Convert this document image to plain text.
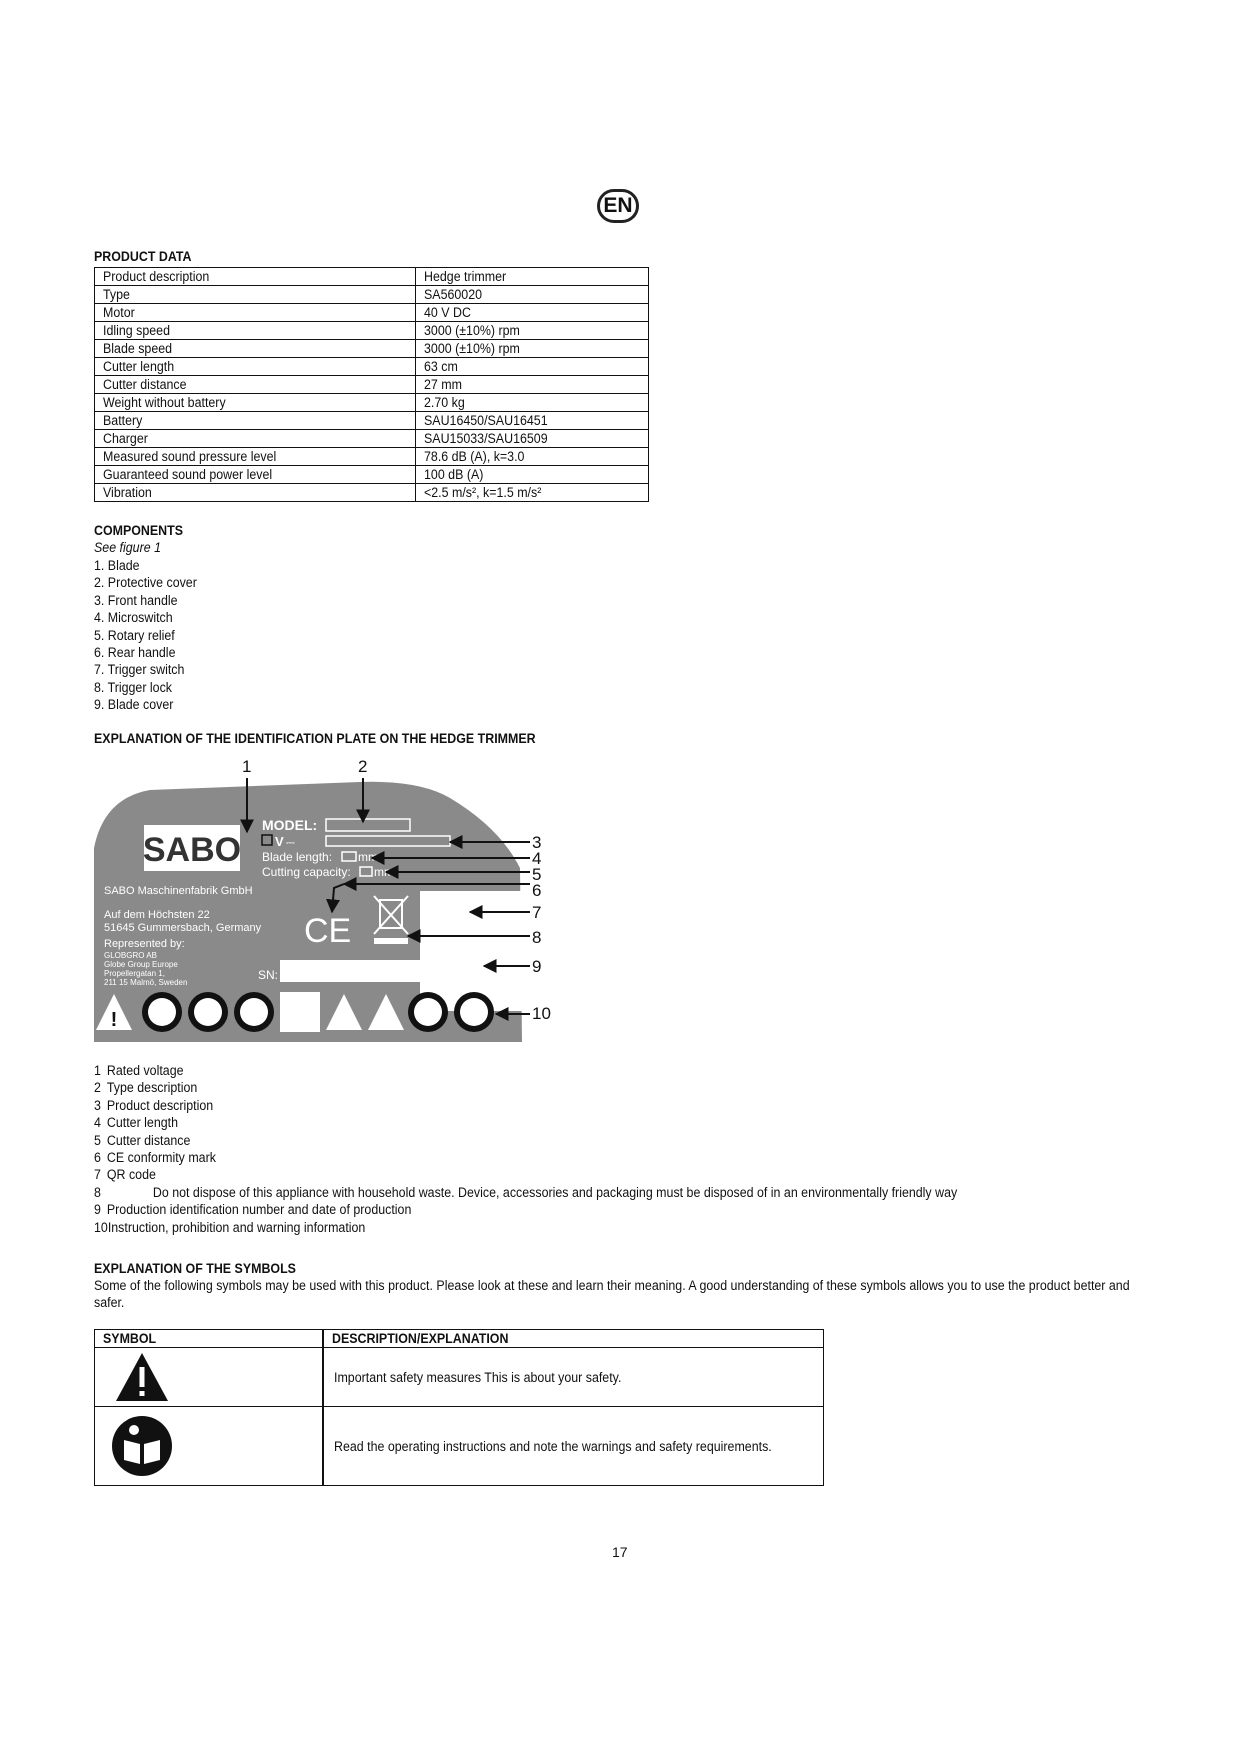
EN
PRODUCT DATA
Product description	Hedge trimmer
Type	SA560020
Motor	40 V DC
Idling speed	3000 (±10%) rpm
Blade speed	3000 (±10%) rpm
Cutter length	63 cm
Cutter distance	27 mm
Weight without battery	2.70 kg
Battery	SAU16450/SAU16451
Charger	SAU15033/SAU16509
Measured sound pressure level	78.6 dB (A), k=3.0
Guaranteed sound power level	100 dB (A)
Vibration	<2.5 m/s², k=1.5 m/s²
COMPONENTS
See figure 1
1. Blade
2. Protective cover
3. Front handle
4. Microswitch
5. Rotary relief
6. Rear handle
7. Trigger switch
8. Trigger lock
9. Blade cover
EXPLANATION OF THE IDENTIFICATION PLATE ON THE HEDGE TRIMMER
SABO
MODEL:
V ⎓
Blade length: mm
Cutting capacity: mm
SABO Maschinenfabrik GmbH
Auf dem Höchsten 22
51645 Gummersbach, Germany
Represented by:
GLOBGRO AB
Globe Group Europe
Propellergatan 1,
211 15 Malmö, Sweden
CE
SN:
!
1	2
3
4
5
6
7
8
9
10
1 Rated voltage
2 Type description
3 Product description
4 Cutter length
5 Cutter distance
6 CE conformity mark
7 QR code
8	Do not dispose of this appliance with household waste. Device, accessories and packaging must be disposed of in an environmentally friendly way
9 Production identification number and date of production
10Instruction, prohibition and warning information
EXPLANATION OF THE SYMBOLS
Some of the following symbols may be used with this product. Please look at these and learn their meaning. A good understanding of these symbols allows you to use the product better and
safer.
SYMBOL	DESCRIPTION/EXPLANATION

	Important safety measures This is about your safety.

	Read the operating instructions and note the warnings and safety requirements.
17
